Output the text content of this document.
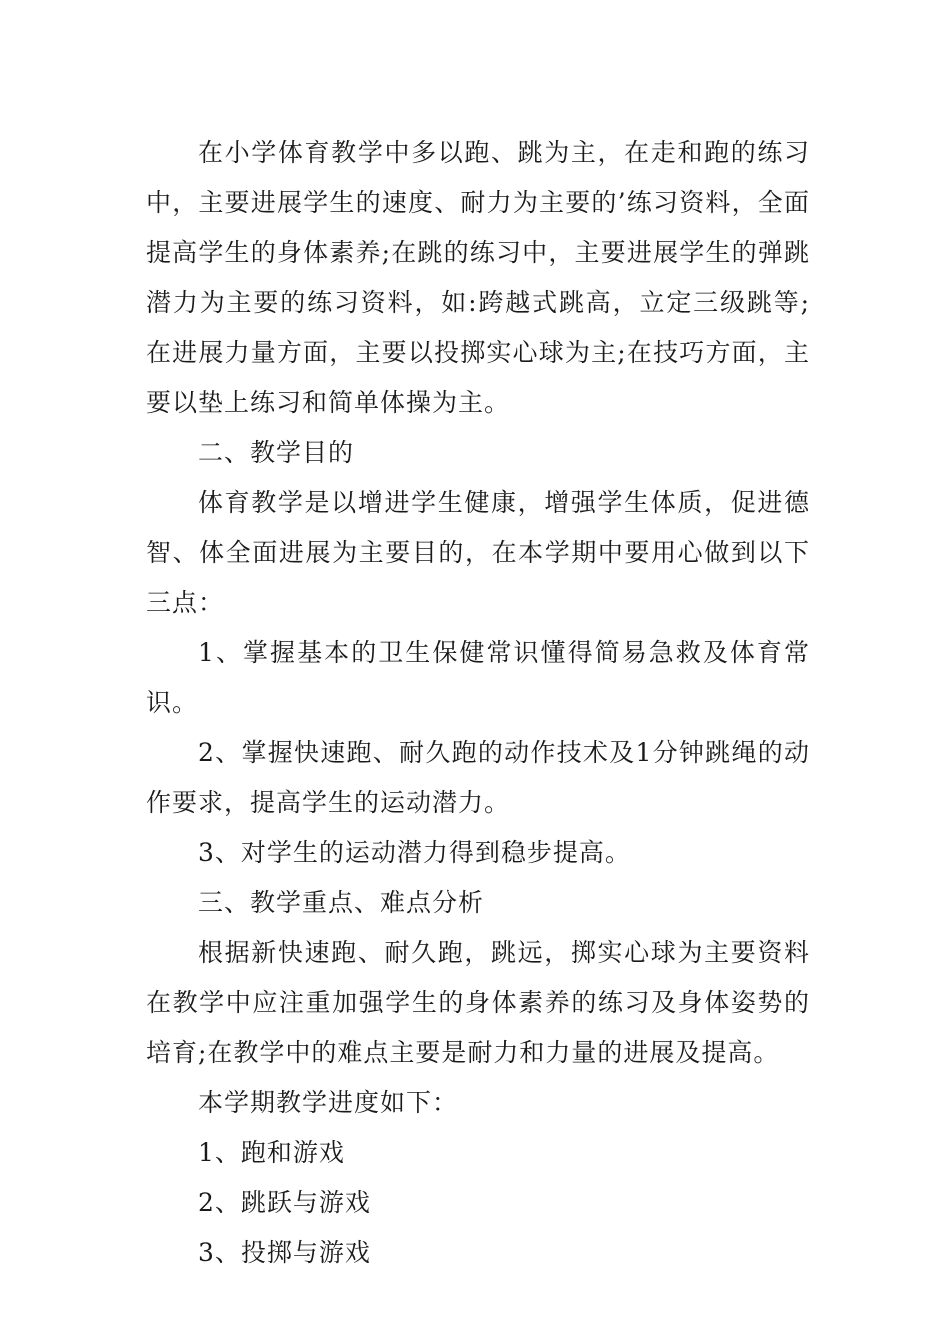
在小学体育教学中多以跑、跳为主，在走和跑的练习中，主要进展学生的速度、耐力为主要的’练习资料，全面提高学生的身体素养;在跳的练习中，主要进展学生的弹跳潜力为主要的练习资料，如:跨越式跳高，立定三级跳等;在进展力量方面，主要以投掷实心球为主;在技巧方面，主要以垫上练习和简单体操为主。

二、教学目的

体育教学是以增进学生健康，增强学生体质，促进德智、体全面进展为主要目的，在本学期中要用心做到以下三点：

1、掌握基本的卫生保健常识懂得简易急救及体育常识。

2、掌握快速跑、耐久跑的动作技术及1分钟跳绳的动作要求，提高学生的运动潜力。

3、对学生的运动潜力得到稳步提高。

三、教学重点、难点分析

根据新快速跑、耐久跑，跳远，掷实心球为主要资料在教学中应注重加强学生的身体素养的练习及身体姿势的培育;在教学中的难点主要是耐力和力量的进展及提高。

本学期教学进度如下：

1、跑和游戏

2、跳跃与游戏

3、投掷与游戏
